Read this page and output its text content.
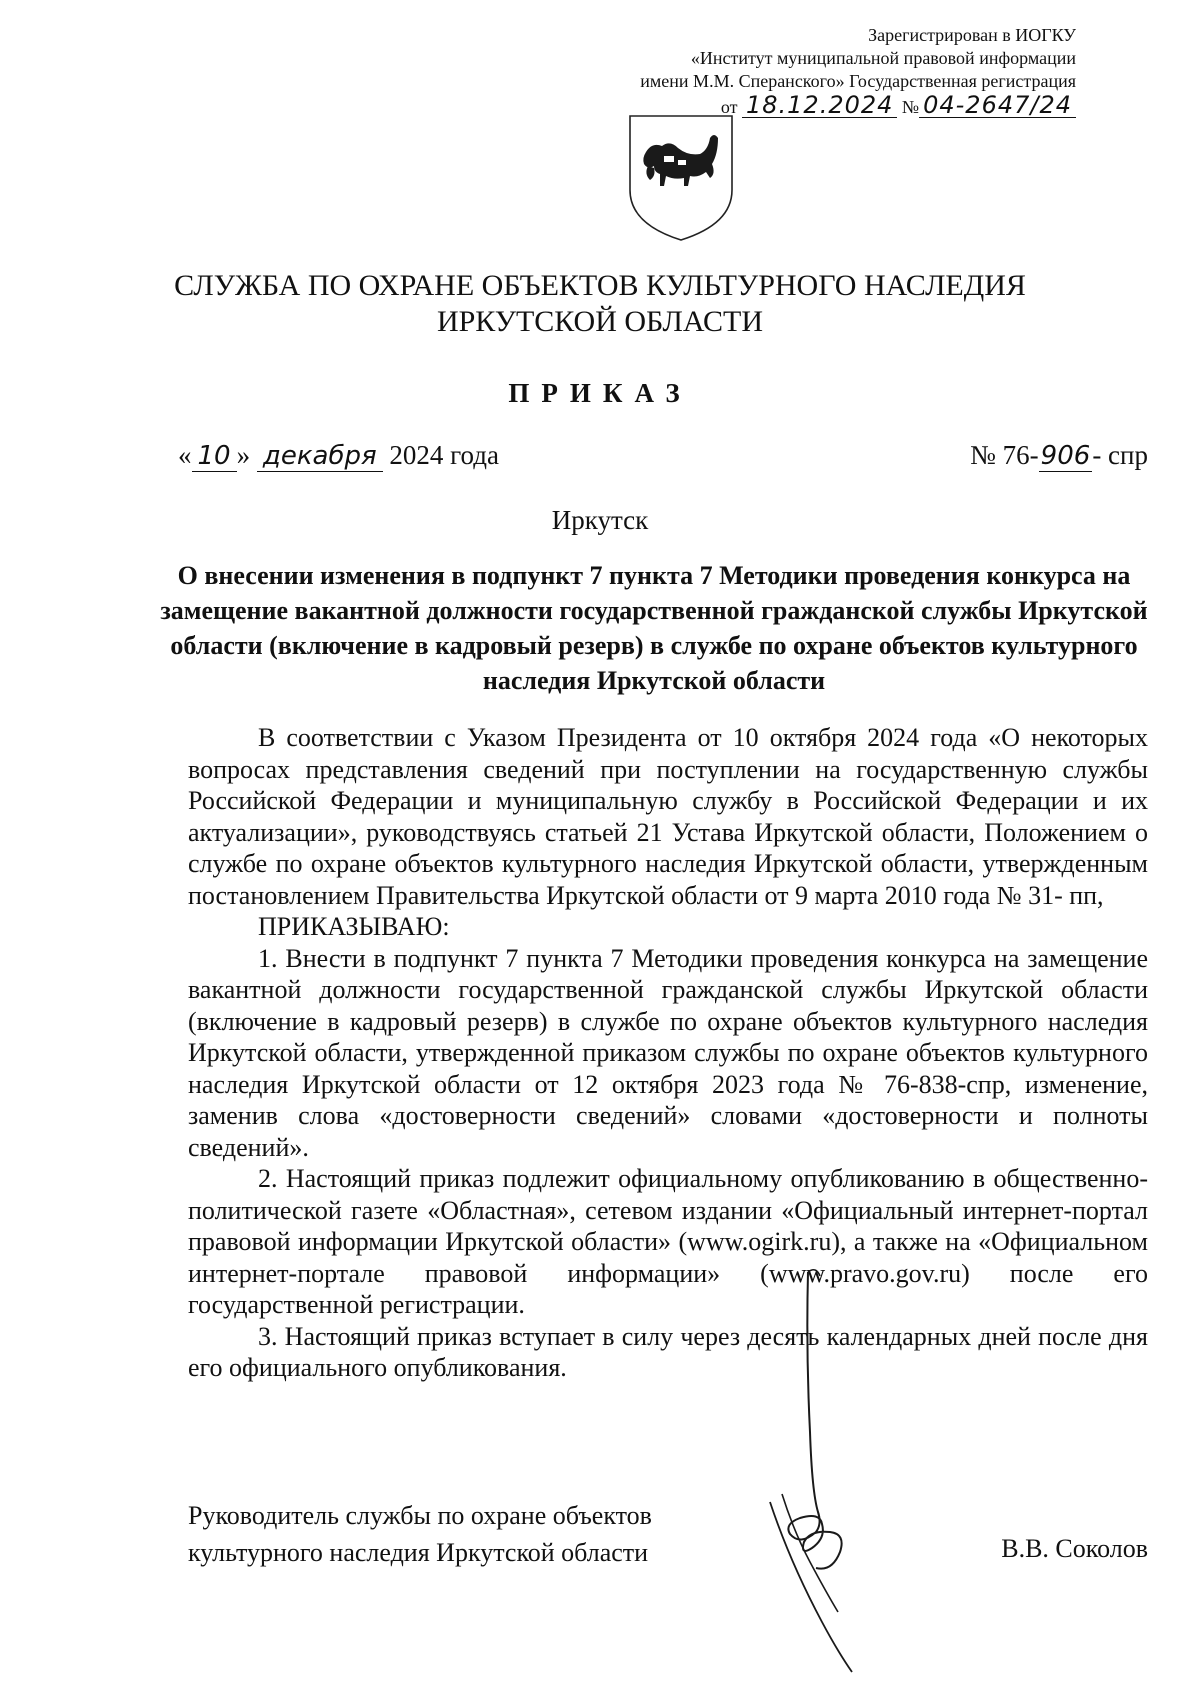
Зарегистрирован в ИОГКУ
«Институт муниципальной правовой информации
имени М.М. Сперанского» Государственная регистрация
от 18.12.2024 № 04-2647/24
СЛУЖБА ПО ОХРАНЕ ОБЪЕКТОВ КУЛЬТУРНОГО НАСЛЕДИЯ
ИРКУТСКОЙ ОБЛАСТИ
ПРИКАЗ
« 10 » декабря 2024 года	№ 76-906- спр
Иркутск
О внесении изменения в подпункт 7 пункта 7 Методики проведения конкурса на замещение вакантной должности государственной гражданской службы Иркутской области (включение в кадровый резерв) в службе по охране объектов культурного наследия Иркутской области

В соответствии с Указом Президента от 10 октября 2024 года «О некоторых вопросах представления сведений при поступлении на государственную службы Российской Федерации и муниципальную службу в Российской Федерации и их актуализации», руководствуясь статьей 21 Устава Иркутской области, Положением о службе по охране объектов культурного наследия Иркутской области, утвержденным постановлением Правительства Иркутской области от 9 марта 2010 года № 31- пп,

ПРИКАЗЫВАЮ:

1. Внести в подпункт 7 пункта 7 Методики проведения конкурса на замещение вакантной должности государственной гражданской службы Иркутской области (включение в кадровый резерв) в службе по охране объектов культурного наследия Иркутской области, утвержденной приказом службы по охране объектов культурного наследия Иркутской области от 12 октября 2023 года № 76-838-спр, изменение, заменив слова «достоверности сведений» словами «достоверности и полноты сведений».

2. Настоящий приказ подлежит официальному опубликованию в общественно-политической газете «Областная», сетевом издании «Официальный интернет-портал правовой информации Иркутской области» (www.ogirk.ru), а также на «Официальном интернет-портале правовой информации» (www.pravo.gov.ru) после его государственной регистрации.

3. Настоящий приказ вступает в силу через десять календарных дней после дня его официального опубликования.

Руководитель службы по охране объектов
культурного наследия Иркутской области	В.В. Соколов
